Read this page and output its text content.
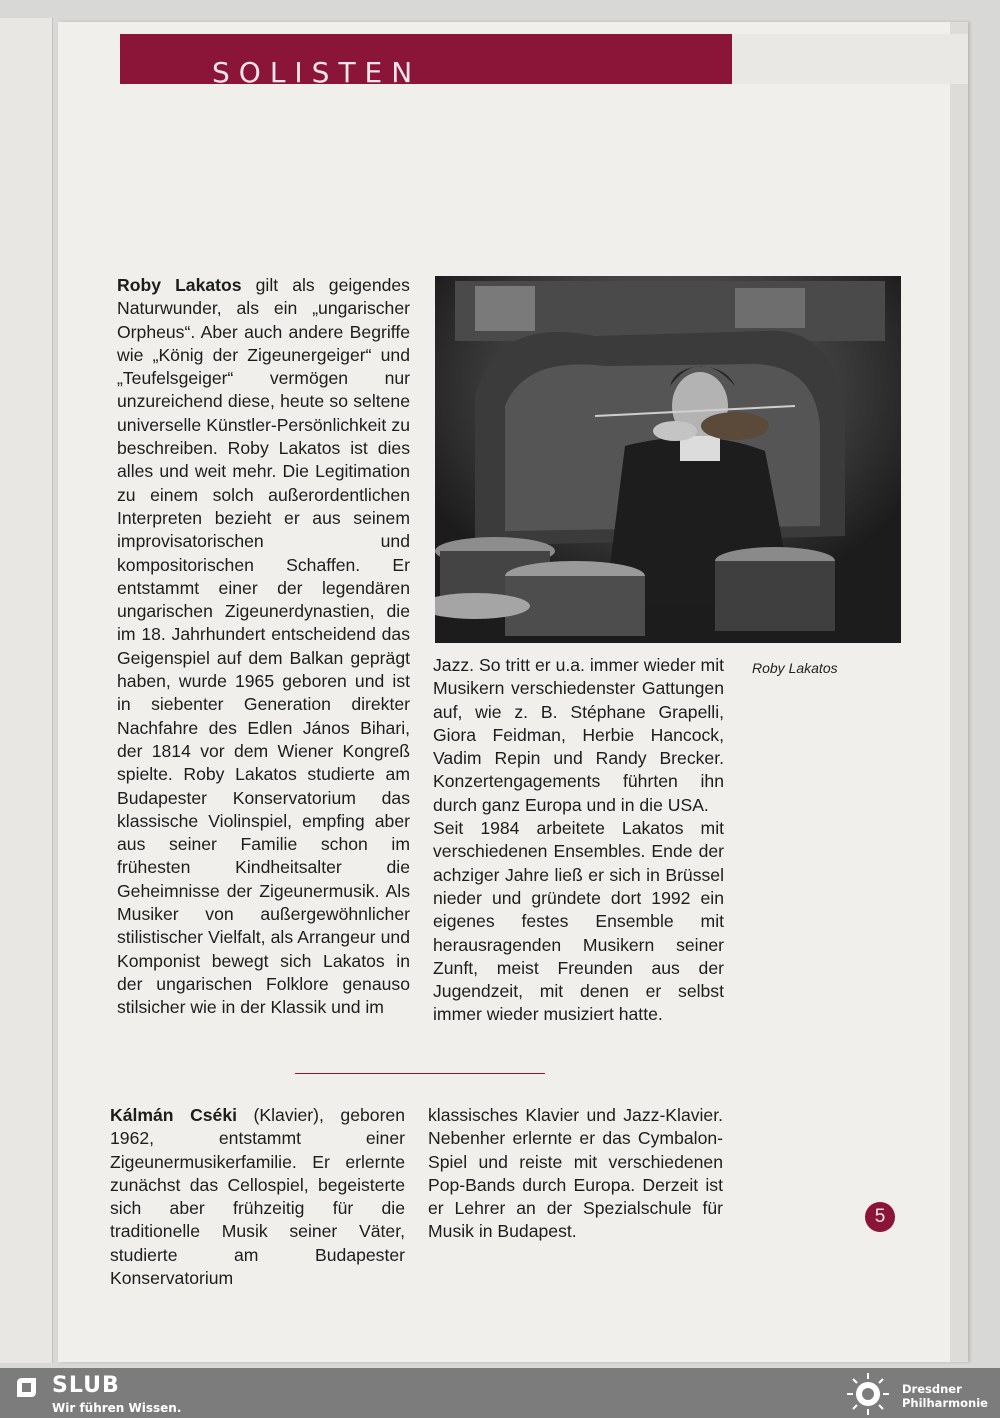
SOLISTEN
Roby Lakatos gilt als geigendes Naturwunder, als ein „ungarischer Orpheus“. Aber auch andere Begriffe wie „König der Zigeunergeiger“ und „Teufelsgeiger“ vermögen nur unzureichend diese, heute so seltene universelle Künstler-Persönlichkeit zu beschreiben. Roby Lakatos ist dies alles und weit mehr. Die Legitimation zu einem solch außerordentlichen Interpreten bezieht er aus seinem improvisatorischen und kompositorischen Schaffen. Er entstammt einer der legendären ungarischen Zigeunerdynastien, die im 18. Jahrhundert entscheidend das Geigenspiel auf dem Balkan geprägt haben, wurde 1965 geboren und ist in siebenter Generation direkter Nachfahre des Edlen János Bihari, der 1814 vor dem Wiener Kongreß spielte. Roby Lakatos studierte am Budapester Konservatorium das klassische Violinspiel, empfing aber aus seiner Familie schon im frühesten Kindheitsalter die Geheimnisse der Zigeunermusik. Als Musiker von außergewöhnlicher stilistischer Vielfalt, als Arrangeur und Komponist bewegt sich Lakatos in der ungarischen Folklore genauso stilsicher wie in der Klassik und im
Roby Lakatos
Jazz. So tritt er u.a. immer wieder mit Musikern verschiedenster Gattungen auf, wie z. B. Stéphane Grapelli, Giora Feidman, Herbie Hancock, Vadim Repin und Randy Brecker. Konzertengagements führten ihn durch ganz Europa und in die USA.
Seit 1984 arbeitete Lakatos mit verschiedenen Ensembles. Ende der achziger Jahre ließ er sich in Brüssel nieder und gründete dort 1992 ein eigenes festes Ensemble mit herausragenden Musikern seiner Zunft, meist Freunden aus der Jugendzeit, mit denen er selbst immer wieder musiziert hatte.
Kálmán Cséki (Klavier), geboren 1962, entstammt einer Zigeunermusikerfamilie. Er erlernte zunächst das Cellospiel, begeisterte sich aber frühzeitig für die traditionelle Musik seiner Väter, studierte am Budapester Konservatorium
klassisches Klavier und Jazz-Klavier. Nebenher erlernte er das Cymbalon-Spiel und reiste mit verschiedenen Pop-Bands durch Europa. Derzeit ist er Lehrer an der Spezialschule für Musik in Budapest.
5
SLUB
Wir führen Wissen.
Dresdner
Philharmonie
